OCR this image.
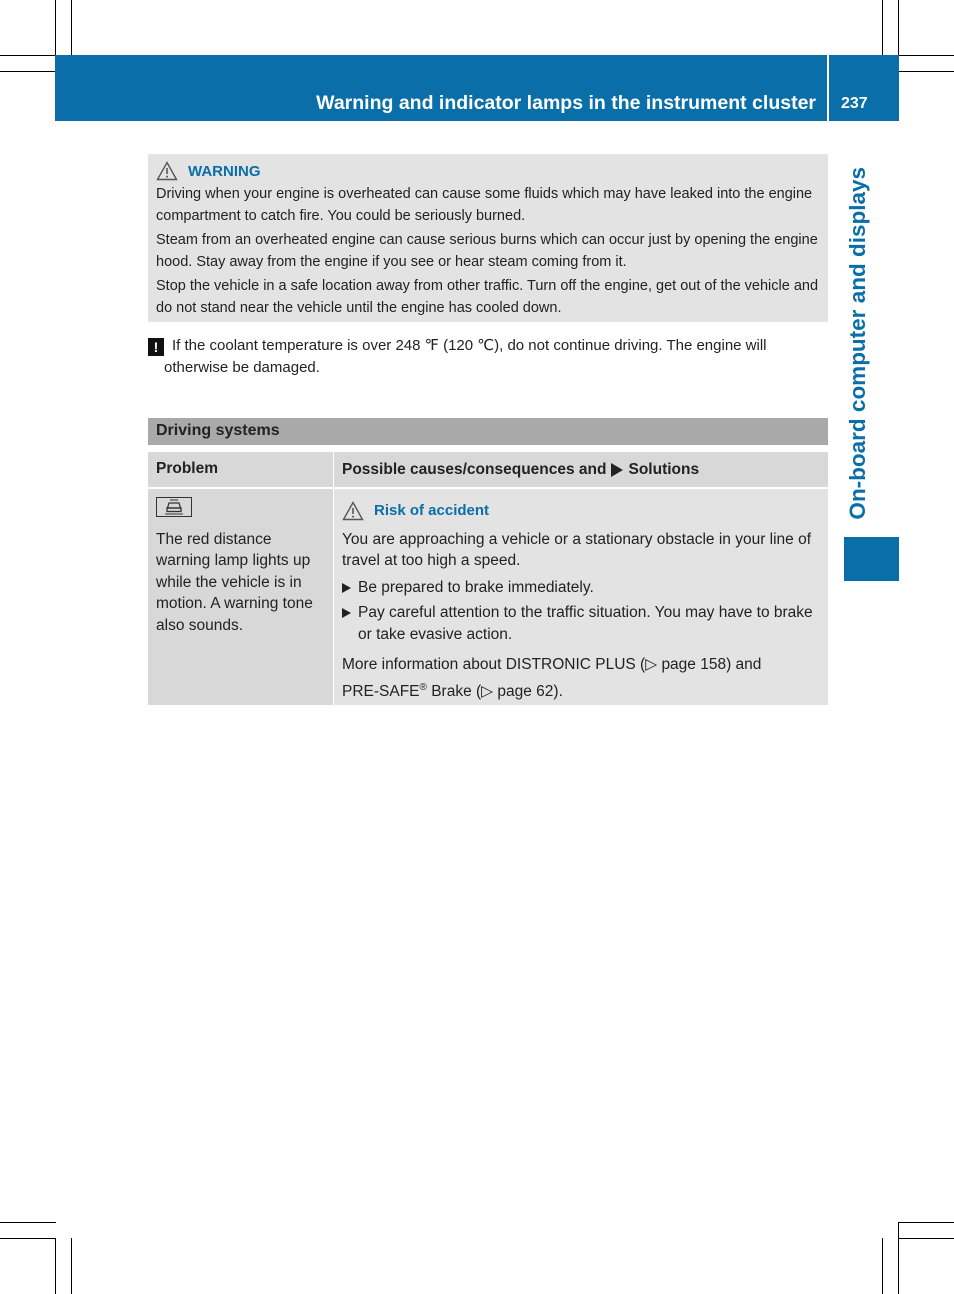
Warning and indicator lamps in the instrument cluster 237
On-board computer and displays
WARNING

Driving when your engine is overheated can cause some fluids which may have leaked into the engine compartment to catch fire. You could be seriously burned.

Steam from an overheated engine can cause serious burns which can occur just by opening the engine hood. Stay away from the engine if you see or hear steam coming from it.

Stop the vehicle in a safe location away from other traffic. Turn off the engine, get out of the vehicle and do not stand near the vehicle until the engine has cooled down.

! If the coolant temperature is over 248 ℉ (120 ℃), do not continue driving. The engine will
otherwise be damaged.
Driving systems
Problem	Possible causes/consequences and Solutions
The red distance warning lamp lights up while the vehicle is in motion. A warning tone also sounds.
Risk of accident
You are approaching a vehicle or a stationary obstacle in your line of travel at too high a speed.
Be prepared to brake immediately.
Pay careful attention to the traffic situation. You may have to brake or take evasive action.
More information about DISTRONIC PLUS (▷ page 158) and
PRE-SAFE® Brake (▷ page 62).
